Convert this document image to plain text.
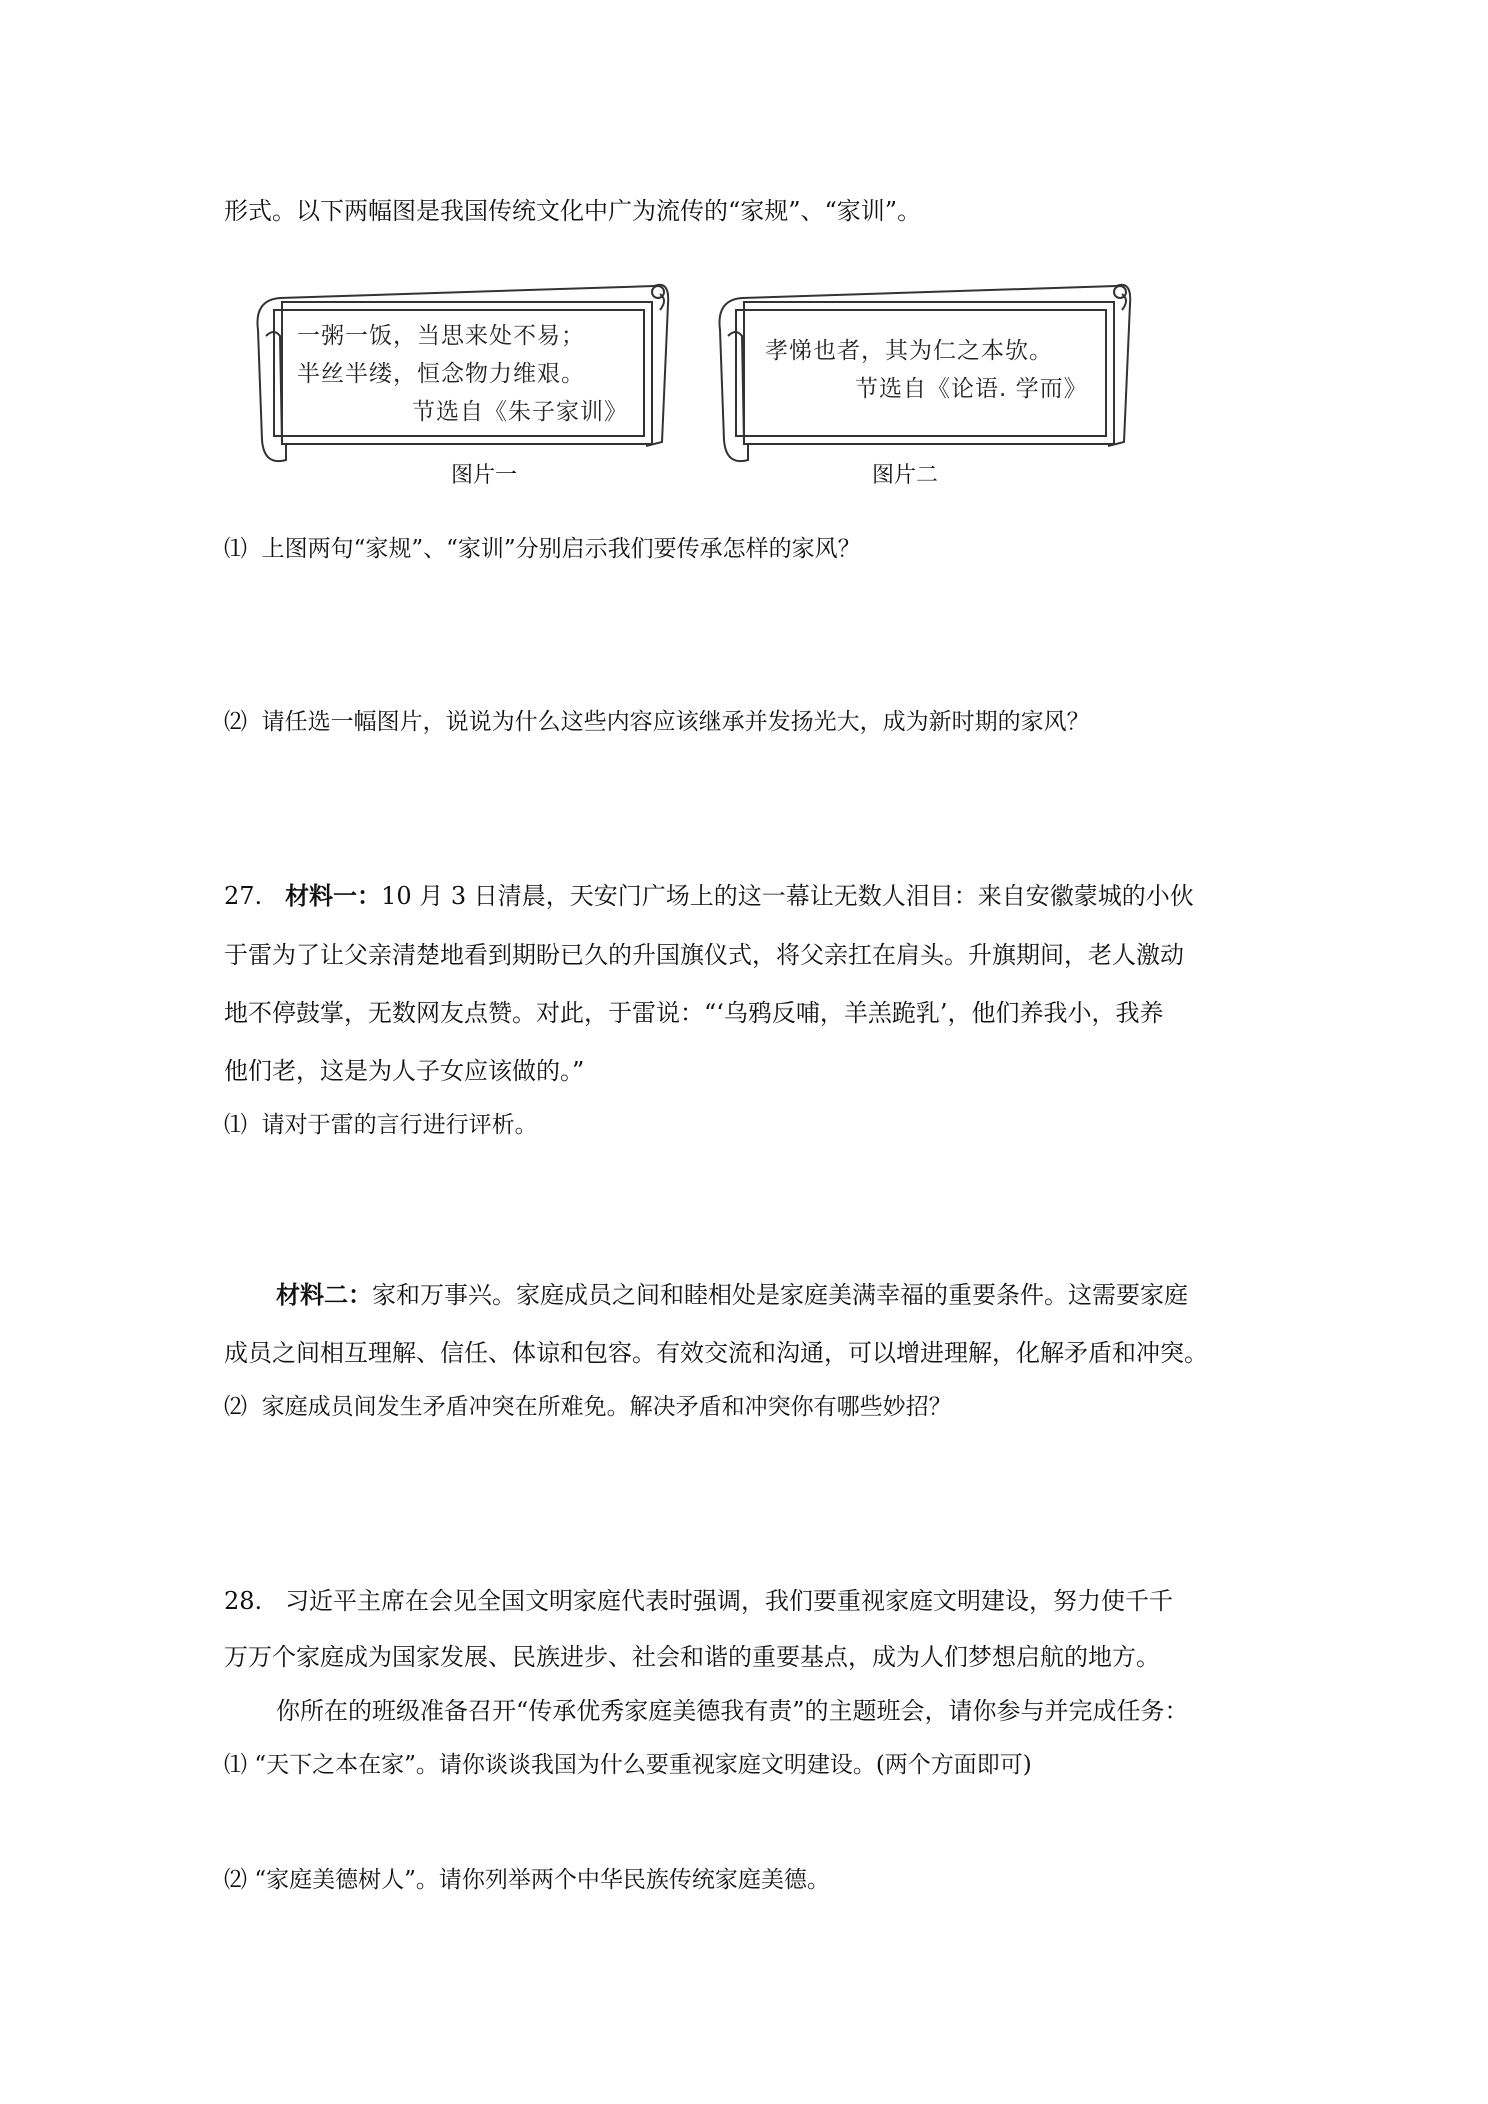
形式。以下两幅图是我国传统文化中广为流传的“家规”、“家训”。
一粥一饭，当思来处不易；
半丝半缕，恒念物力维艰。
节选自《朱子家训》
图片一
孝悌也者，其为仁之本欤。
节选自《论语. 学而》
图片二
⑴ 上图两句“家规”、“家训”分别启示我们要传承怎样的家风？
⑵ 请任选一幅图片，说说为什么这些内容应该继承并发扬光大，成为新时期的家风？
27. 材料一：10 月 3 日清晨，天安门广场上的这一幕让无数人泪目：来自安徽蒙城的小伙
于雷为了让父亲清楚地看到期盼已久的升国旗仪式，将父亲扛在肩头。升旗期间，老人激动
地不停鼓掌，无数网友点赞。对此，于雷说：“‘乌鸦反哺，羊羔跪乳’，他们养我小，我养
他们老，这是为人子女应该做的。”
⑴ 请对于雷的言行进行评析。
材料二：家和万事兴。家庭成员之间和睦相处是家庭美满幸福的重要条件。这需要家庭
成员之间相互理解、信任、体谅和包容。有效交流和沟通，可以增进理解，化解矛盾和冲突。
⑵ 家庭成员间发生矛盾冲突在所难免。解决矛盾和冲突你有哪些妙招？
28. 习近平主席在会见全国文明家庭代表时强调，我们要重视家庭文明建设，努力使千千
万万个家庭成为国家发展、民族进步、社会和谐的重要基点，成为人们梦想启航的地方。
你所在的班级准备召开“传承优秀家庭美德我有责”的主题班会，请你参与并完成任务：
⑴ “天下之本在家”。请你谈谈我国为什么要重视家庭文明建设。(两个方面即可)
⑵ “家庭美德树人”。请你列举两个中华民族传统家庭美德。
